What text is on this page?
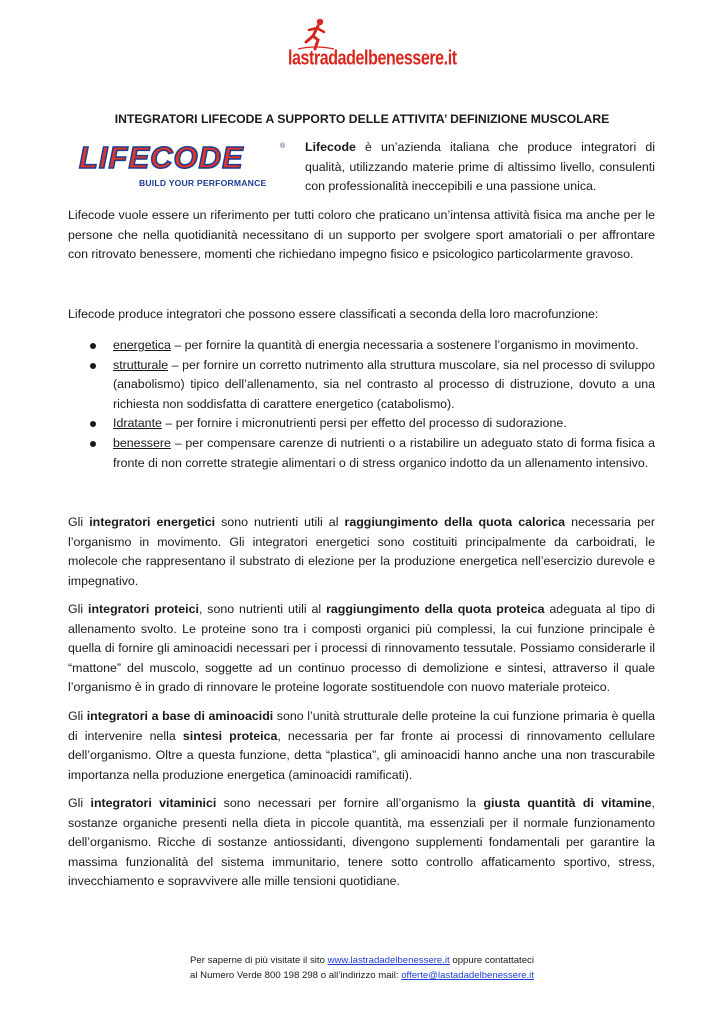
lastradadelbenessere.it
INTEGRATORI LIFECODE A SUPPORTO DELLE ATTIVITA’ DEFINIZIONE MUSCOLARE
LIFECODE	®
BUILD YOUR PERFORMANCE

Lifecode è un’azienda italiana che produce integratori di qualità, utilizzando materie prime di altissimo livello, consulenti con professionalità ineccepibili e una passione unica.

Lifecode vuole essere un riferimento per tutti coloro che praticano un’intensa attività fisica ma anche per le persone che nella quotidianità necessitano di un supporto per svolgere sport amatoriali o per affrontare con ritrovato benessere, momenti che richiedano impegno fisico e psicologico particolarmente gravoso.

Lifecode produce integratori che possono essere classificati a seconda della loro macrofunzione:

energetica – per fornire la quantità di energia necessaria a sostenere l’organismo in movimento.
strutturale – per fornire un corretto nutrimento alla struttura muscolare, sia nel processo di sviluppo (anabolismo) tipico dell’allenamento, sia nel contrasto al processo di distruzione, dovuto a una richiesta non soddisfatta di carattere energetico (catabolismo).
Idratante – per fornire i micronutrienti persi per effetto del processo di sudorazione.
benessere – per compensare carenze di nutrienti o a ristabilire un adeguato stato di forma fisica a fronte di non corrette strategie alimentari o di stress organico indotto da un allenamento intensivo.

Gli integratori energetici sono nutrienti utili al raggiungimento della quota calorica necessaria per l’organismo in movimento. Gli integratori energetici sono costituiti principalmente da carboidrati, le molecole che rappresentano il substrato di elezione per la produzione energetica nell’esercizio durevole e impegnativo.

Gli integratori proteici, sono nutrienti utili al raggiungimento della quota proteica adeguata al tipo di allenamento svolto. Le proteine sono tra i composti organici più complessi, la cui funzione principale è quella di fornire gli aminoacidi necessari per i processi di rinnovamento tessutale. Possiamo considerarle il “mattone” del muscolo, soggette ad un continuo processo di demolizione e sintesi, attraverso il quale l’organismo è in grado di rinnovare le proteine logorate sostituendole con nuovo materiale proteico.

Gli integratori a base di aminoacidi sono l’unità strutturale delle proteine la cui funzione primaria è quella di intervenire nella sintesi proteica, necessaria per far fronte ai processi di rinnovamento cellulare dell’organismo. Oltre a questa funzione, detta “plastica”, gli aminoacidi hanno anche una non trascurabile importanza nella produzione energetica (aminoacidi ramificati).

Gli integratori vitaminici sono necessari per fornire all’organismo la giusta quantità di vitamine, sostanze organiche presenti nella dieta in piccole quantità, ma essenziali per il normale funzionamento dell’organismo. Ricche di sostanze antiossidanti, divengono supplementi fondamentali per garantire la massima funzionalità del sistema immunitario, tenere sotto controllo affaticamento sportivo, stress, invecchiamento e sopravvivere alle mille tensioni quotidiane.

Per saperne di più visitate il sito www.lastradadelbenessere.it oppure contattateci
al Numero Verde 800 198 298 o all’indirizzo mail: offerte@lastadadelbenessere.it
